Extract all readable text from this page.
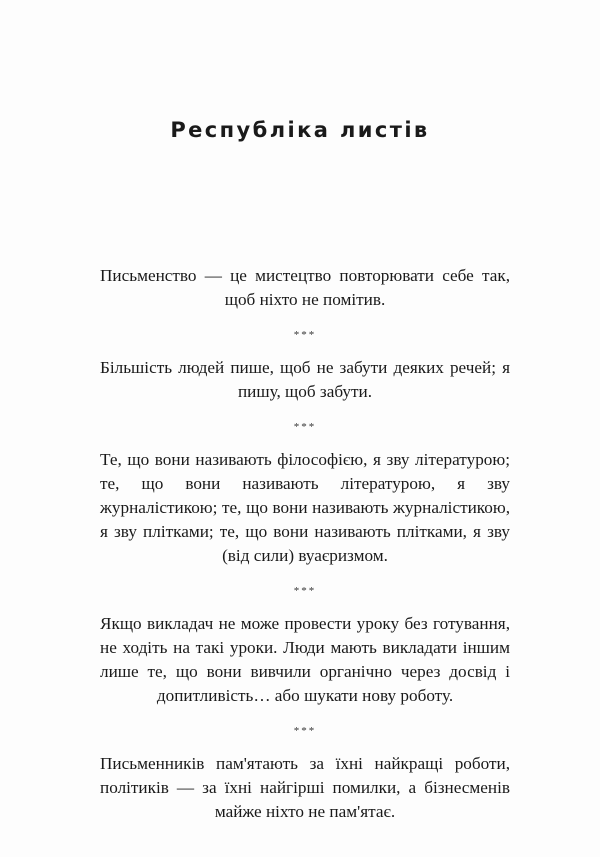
Республіка листів

Письменство — це мистецтво повторювати себе так, щоб ніхто не помітив.

***

Більшість людей пише, щоб не забути деяких речей; я пишу, щоб забути.

***

Те, що вони називають філософією, я зву літературою; те, що вони називають літературою, я зву журналістикою; те, що вони називають журналістикою, я зву плітками; те, що вони називають плітками, я зву (від сили) вуаєризмом.

***

Якщо викладач не може провести уроку без готування, не ходіть на такі уроки. Люди мають викладати іншим лише те, що вони вивчили органічно через досвід і допитливість… або шукати нову роботу.

***

Письменників пам'ятають за їхні найкращі роботи, політиків — за їхні найгірші помилки, а бізнесменів майже ніхто не пам'ятає.
